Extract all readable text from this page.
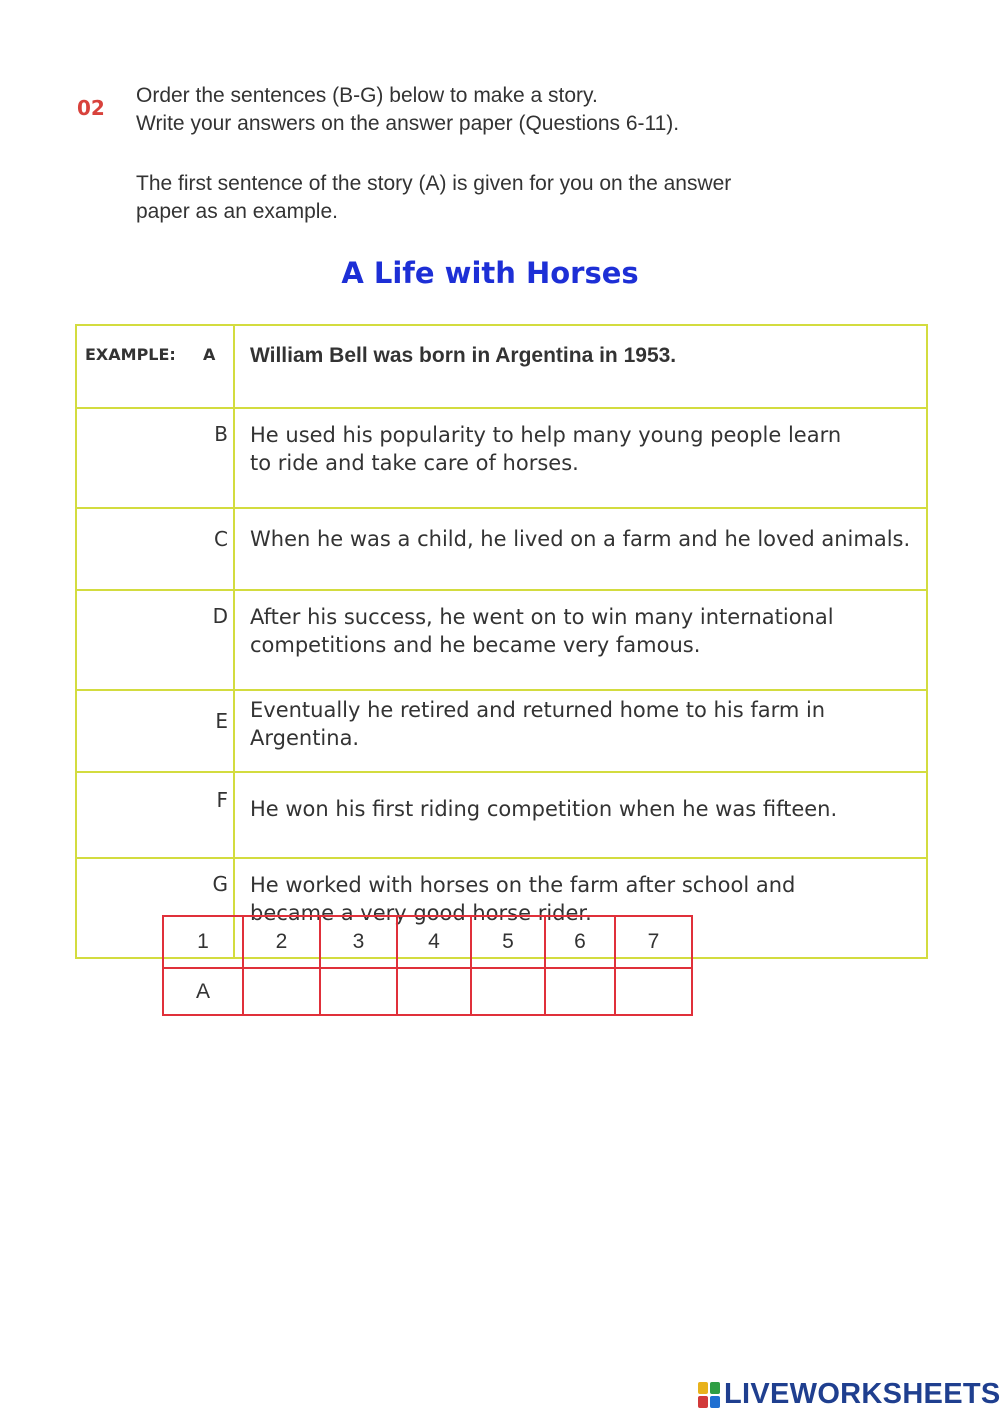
02

Order the sentences (B-G) below to make a story.

Write your answers on the answer paper (Questions 6-11).

The first sentence of the story (A) is given for you on the answer

paper as an example.

A Life with Horses
EXAMPLE: A	William Bell was born in Argentina in 1953.
B	He used his popularity to help many young people learn
to ride and take care of horses.
C	When he was a child, he lived on a farm and he loved animals.
D	After his success, he went on to win many international
competitions and he became very famous.
E	Eventually he retired and returned home to his farm in
Argentina.
F	He won his first riding competition when he was fifteen.
G	He worked with horses on the farm after school and
became a very good horse rider.
1	2	3	4	5	6	7
A						
LIVEWORKSHEETS
